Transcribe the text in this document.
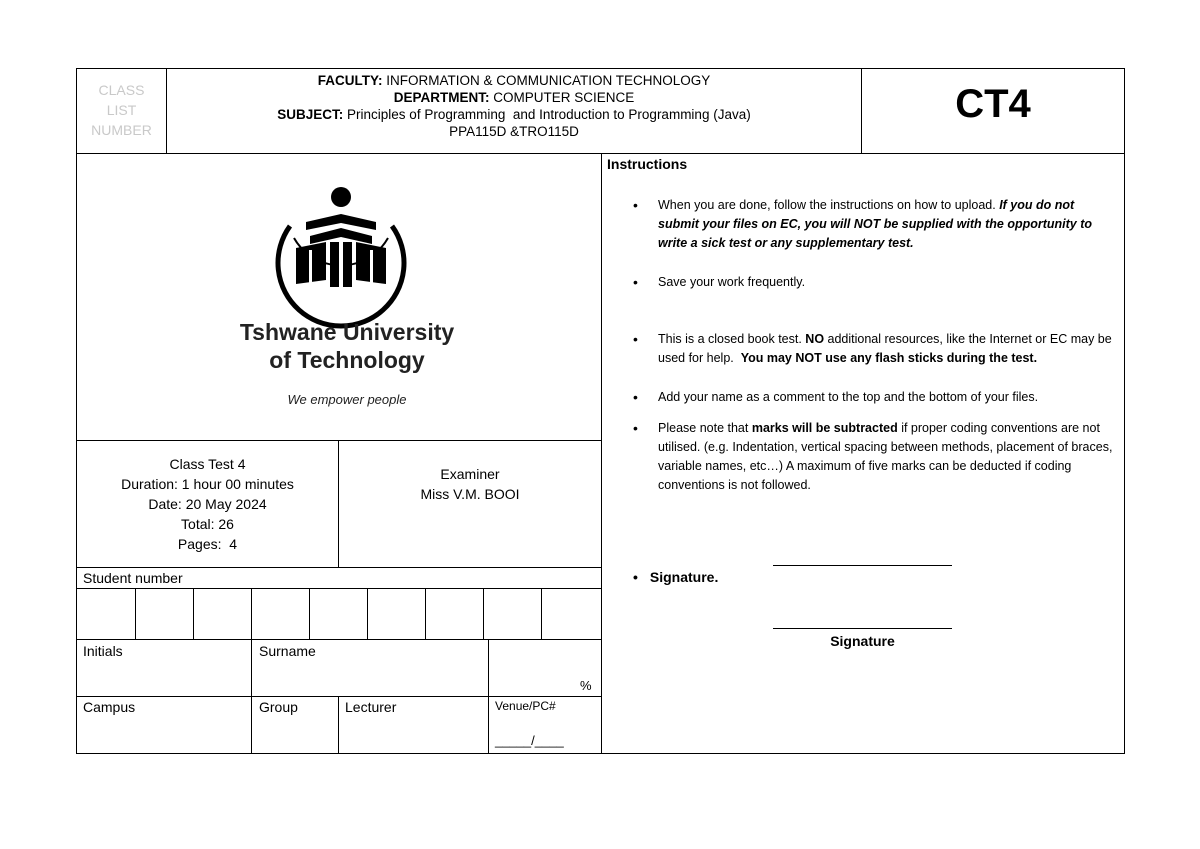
CLASS
LIST
NUMBER
FACULTY: INFORMATION & COMMUNICATION TECHNOLOGY
DEPARTMENT: COMPUTER SCIENCE
SUBJECT: Principles of Programming  and Introduction to Programming (Java)
PPA115D &TRO115D
CT4
Tshwane University
of Technology
We empower people
Class Test 4
Duration: 1 hour 00 minutes
Date: 20 May 2024
Total: 26
Pages:  4
Examiner
Miss V.M. BOOI
Student number
Initials	Surname
%
Campus	Group	Lecturer	Venue/PC#
_____/____
Instructions
• When you are done, follow the instructions on how to upload. If you do not submit your files on EC, you will NOT be supplied with the opportunity to write a sick test or any supplementary test.
• Save your work frequently.
• This is a closed book test. NO additional resources, like the Internet or EC may be used for help.  You may NOT use any flash sticks during the test.
• Add your name as a comment to the top and the bottom of your files.
• Please note that marks will be subtracted if proper coding conventions are not utilised. (e.g. Indentation, vertical spacing between methods, placement of braces, variable names, etc…) A maximum of five marks can be deducted if coding conventions is not followed.
• Signature.
Signature
